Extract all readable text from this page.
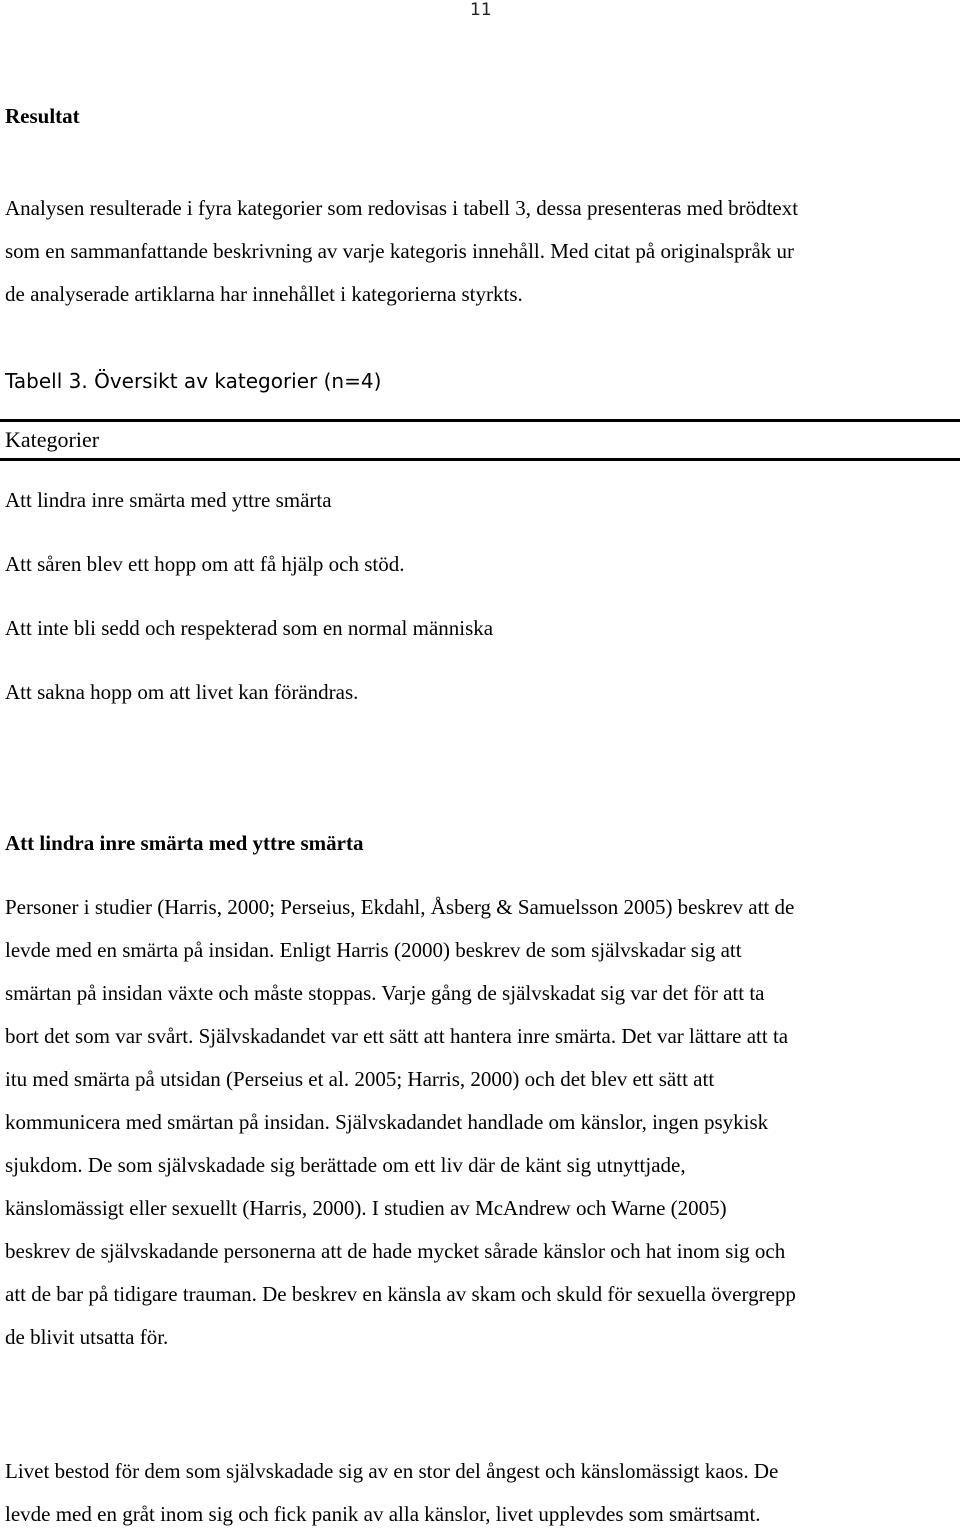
11
Resultat
Analysen resulterade i fyra kategorier som redovisas i tabell 3, dessa presenteras med brödtext
som en sammanfattande beskrivning av varje kategoris innehåll. Med citat på originalspråk ur
de analyserade artiklarna har innehållet i kategorierna styrkts.
Tabell 3. Översikt av kategorier (n=4)
Kategorier
Att lindra inre smärta med yttre smärta
Att såren blev ett hopp om att få hjälp och stöd.
Att inte bli sedd och respekterad som en normal människa
Att sakna hopp om att livet kan förändras.
Att lindra inre smärta med yttre smärta
Personer i studier (Harris, 2000; Perseius, Ekdahl, Åsberg & Samuelsson 2005) beskrev att de
levde med en smärta på insidan. Enligt Harris (2000) beskrev de som självskadar sig att
smärtan på insidan växte och måste stoppas. Varje gång de självskadat sig var det för att ta
bort det som var svårt. Självskadandet var ett sätt att hantera inre smärta. Det var lättare att ta
itu med smärta på utsidan (Perseius et al. 2005; Harris, 2000) och det blev ett sätt att
kommunicera med smärtan på insidan. Självskadandet handlade om känslor, ingen psykisk
sjukdom. De som självskadade sig berättade om ett liv där de känt sig utnyttjade,
känslomässigt eller sexuellt (Harris, 2000). I studien av McAndrew och Warne (2005)
beskrev de självskadande personerna att de hade mycket sårade känslor och hat inom sig och
att de bar på tidigare trauman. De beskrev en känsla av skam och skuld för sexuella övergrepp
de blivit utsatta för.
Livet bestod för dem som självskadade sig av en stor del ångest och känslomässigt kaos. De
levde med en gråt inom sig och fick panik av alla känslor, livet upplevdes som smärtsamt.
